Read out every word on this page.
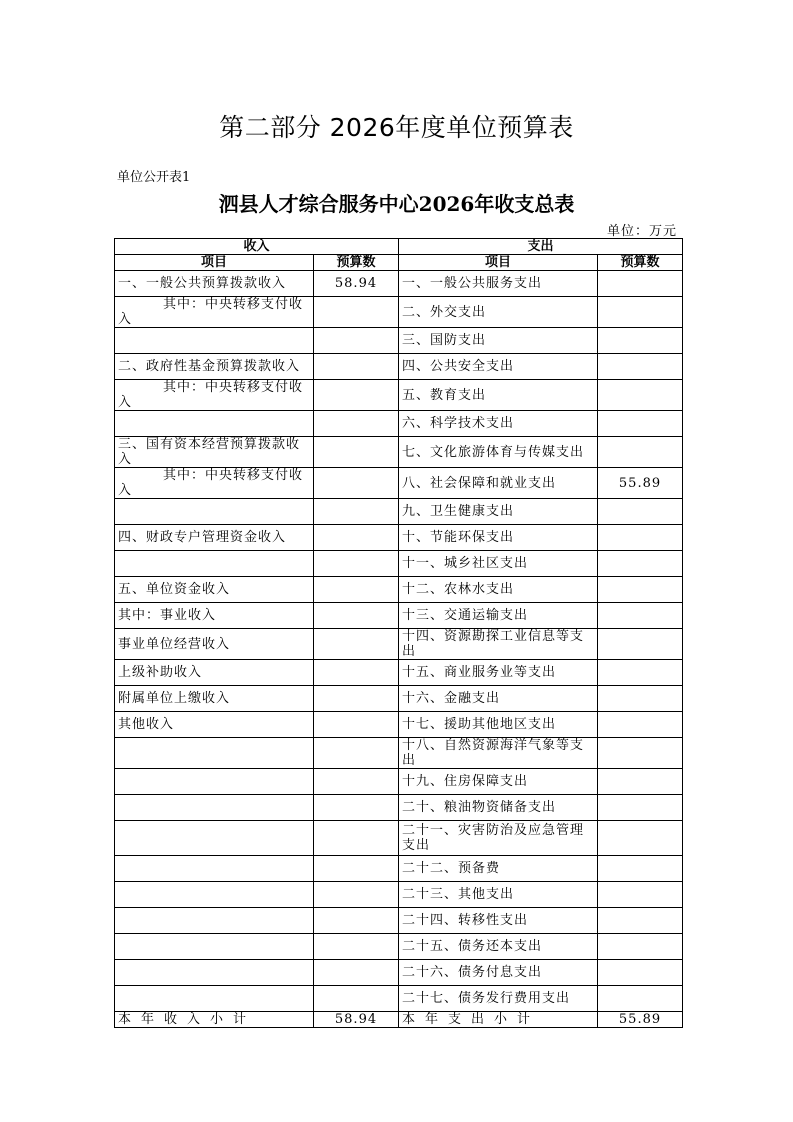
第二部分 2026年度单位预算表
单位公开表1
泗县人才综合服务中心2026年收支总表
单位：万元
收入		支出	
项目	预算数	项目	预算数
一、一般公共预算拨款收入	58.94	一、一般公共服务支出	
其中：中央转移支付收入		二、外交支出	
		三、国防支出	
二、政府性基金预算拨款收入		四、公共安全支出	
其中：中央转移支付收入		五、教育支出	
		六、科学技术支出	
三、国有资本经营预算拨款收入		七、文化旅游体育与传媒支出	
其中：中央转移支付收入		八、社会保障和就业支出	55.89
		九、卫生健康支出	
四、财政专户管理资金收入		十、节能环保支出	
		十一、城乡社区支出	
五、单位资金收入		十二、农林水支出	
其中：事业收入		十三、交通运输支出	
事业单位经营收入		十四、资源勘探工业信息等支出	
上级补助收入		十五、商业服务业等支出	
附属单位上缴收入		十六、金融支出	
其他收入		十七、援助其他地区支出	
		十八、自然资源海洋气象等支出	
		十九、住房保障支出	
		二十、粮油物资储备支出	
		二十一、灾害防治及应急管理支出	
		二十二、预备费	
		二十三、其他支出	
		二十四、转移性支出	
		二十五、债务还本支出	
		二十六、债务付息支出	
		二十七、债务发行费用支出	
本年收入小计	58.94	本年支出小计	55.89
